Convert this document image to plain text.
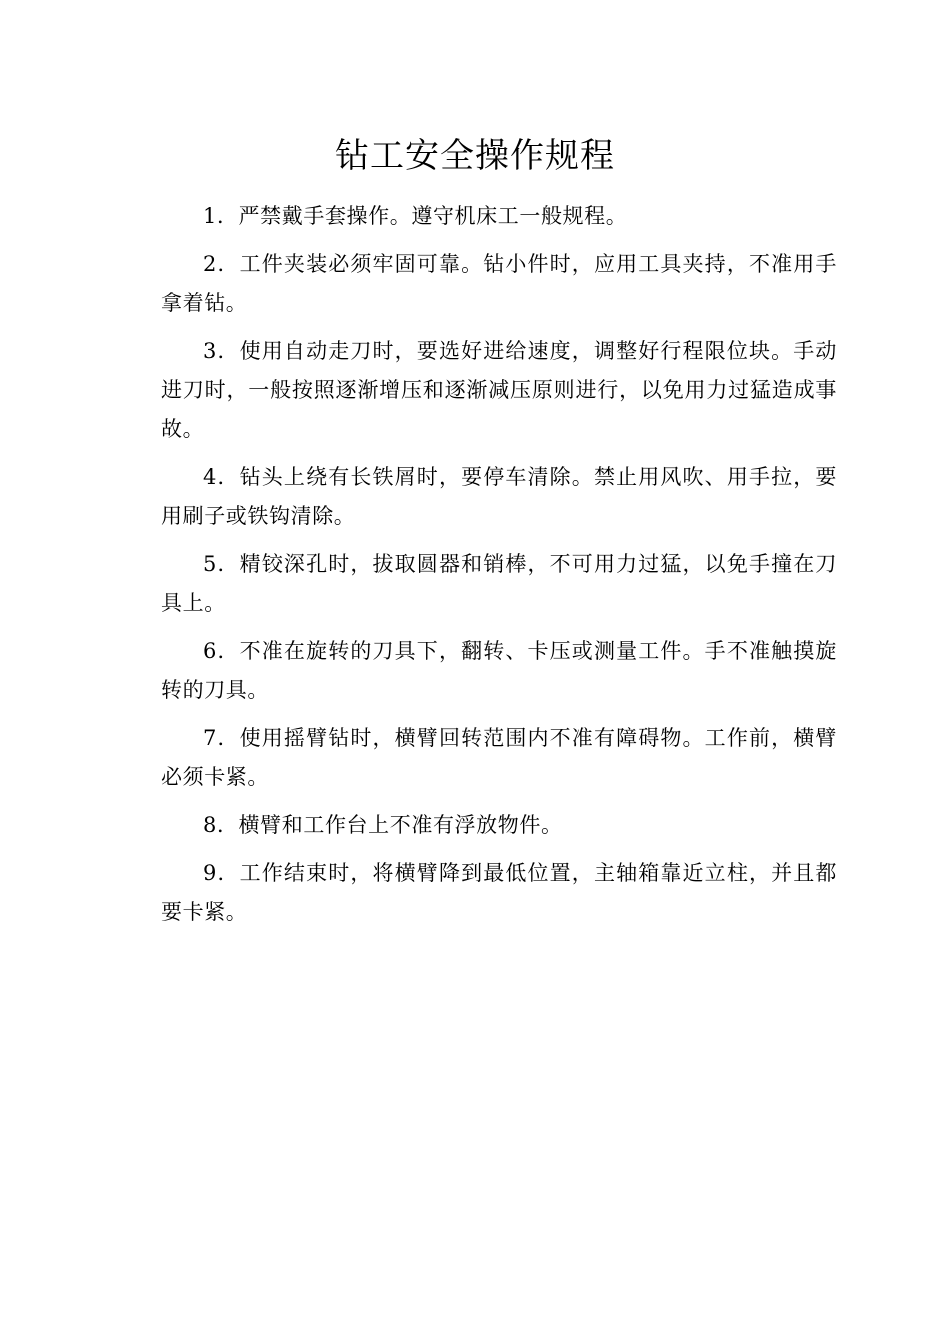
钻工安全操作规程

1．严禁戴手套操作。遵守机床工一般规程。

2．工件夹装必须牢固可靠。钻小件时，应用工具夹持，不准用手拿着钻。

3．使用自动走刀时，要选好进给速度，调整好行程限位块。手动进刀时，一般按照逐渐增压和逐渐减压原则进行，以免用力过猛造成事故。

4．钻头上绕有长铁屑时，要停车清除。禁止用风吹、用手拉，要用刷子或铁钩清除。

5．精铰深孔时，拔取圆器和销棒，不可用力过猛，以免手撞在刀具上。

6．不准在旋转的刀具下，翻转、卡压或测量工件。手不准触摸旋转的刀具。

7．使用摇臂钻时，横臂回转范围内不准有障碍物。工作前，横臂必须卡紧。

8．横臂和工作台上不准有浮放物件。

9．工作结束时，将横臂降到最低位置，主轴箱靠近立柱，并且都要卡紧。
